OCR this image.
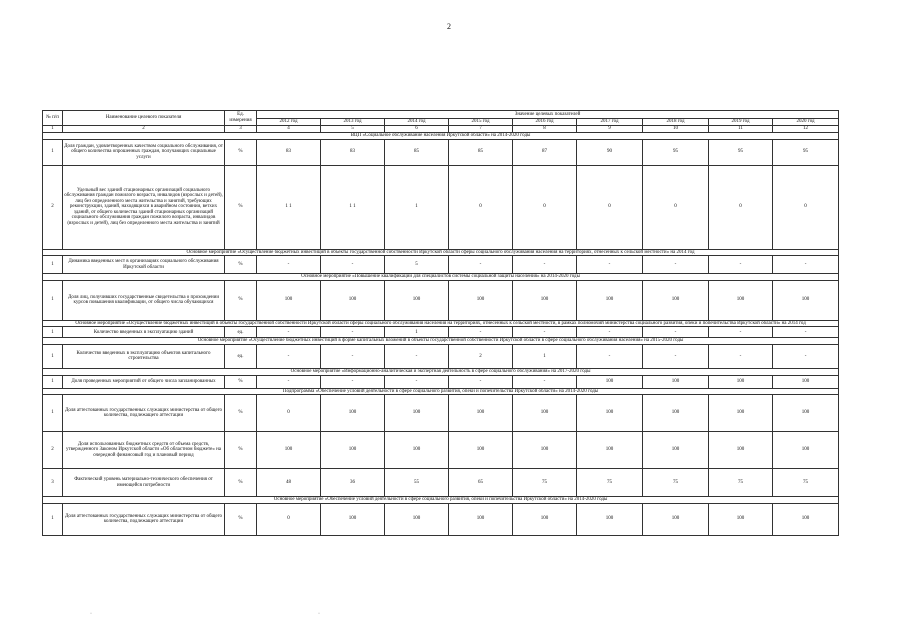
2
№ п/п	Наименование целевого показателя	Ед. измерения	Значение целевых показателей								
			2012 год	2013 год	2014 год	2015 год	2016 год	2017 год	2018 год	2019 год	2020 год
1	2	3	4	5	6	7	8	9	10	11	12
ВЦП «Социальное обслуживание населения Иркутской области» на 2014-2020 годы											
1	Доля граждан, удовлетворенных качеством социального обслуживания, от общего количества опрошенных граждан, получающих социальные услуги	%	83	83	85	85	87	90	95	95	95
2	Удельный вес зданий стационарных организаций социального обслуживания граждан пожилого возраста, инвалидов (взрослых и детей), лиц без определенного места жительства и занятий, требующих реконструкции, зданий, находящихся в аварийном состоянии, ветхих зданий, от общего количества зданий стационарных организаций социального обслуживания граждан пожилого возраста, инвалидов (взрослых и детей), лиц без определенного места жительства и занятий	%	1 1	1 1	1	0	0	0	0	0	0
Основное мероприятие «Осуществление бюджетных инвестиций в объекты государственной собственности Иркутской области сферы социального обслуживания населения на территориях, отнесенных к сельской местности» на 2014 год											
1	Динамика введенных мест в организациях социального обслуживания Иркутской области	%	-	-	5	-	-	-	-	-	-
Основное мероприятие «Повышение квалификации для специалистов системы социальной защиты населения» на 2014-2020 годы											
1	Доля лиц, получивших государственные свидетельства о прохождении курсов повышения квалификации, от общего числа обучающихся	%	100	100	100	100	100	100	100	100	100
Основное мероприятие «Осуществление бюджетных инвестиций в объекты государственной собственности Иркутской области сферы социального обслуживания населения на территориях, отнесенных к сельской местности, в рамках полномочий министерства социального развития, опеки и попечительства Иркутской области» на 2014 год											
1	Количество введенных в эксплуатацию зданий	ед.	-	-	1	-	-	-	-	-	-
Основное мероприятие «Осуществление бюджетных инвестиций в форме капитальных вложений в объекты государственной собственности Иркутской области в сфере социального обслуживания населения» на 2015-2020 годы											
1	Количество введенных в эксплуатацию объектов капитального строительства	ед.	-	-	-	2	1	-	-	-	-
Основное мероприятие «Информационно-аналитическая и экспертная деятельность в сфере социального обслуживания» на 2017-2020 годы											
1	Доля проведенных мероприятий от общего числа запланированных	%	-	-	-	-	-	100	100	100	100
Подпрограмма «Обеспечение условий деятельности в сфере социального развития, опеки и попечительства Иркутской области» на 2014-2020 годы											
1	Доля аттестованных государственных служащих министерства от общего количества, подлежащего аттестации	%	0	100	100	100	100	100	100	100	100
2	Доля использованных бюджетных средств от объема средств, утвержденного Законом Иркутской области «Об областном бюджете» на очередной финансовый год и плановый период	%	100	100	100	100	100	100	100	100	100
3	Фактический уровень материально-технического обеспечения от имеющейся потребности	%	48	36	55	65	75	75	75	75	75
Основное мероприятие «Обеспечение условий деятельности в сфере социального развития, опеки и попечительства Иркутской области» на 2014-2020 годы											
1	Доля аттестованных государственных служащих министерства от общего количества, подлежащего аттестации	%	0	100	100	100	100	100	100	100	100
·	·
